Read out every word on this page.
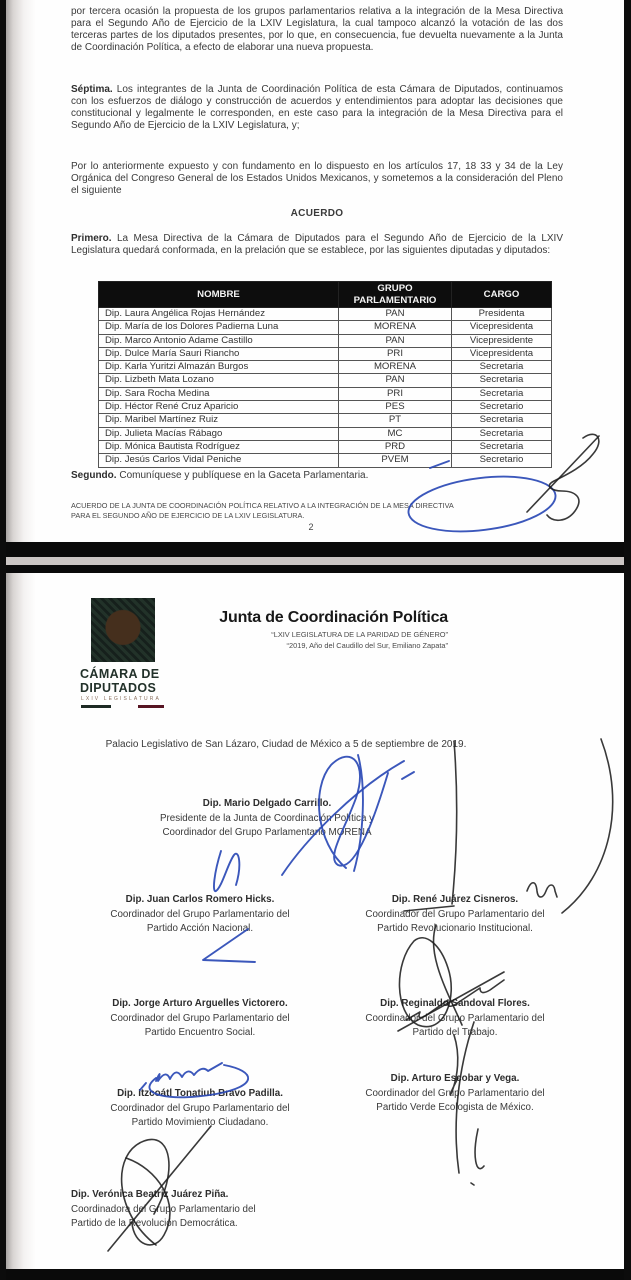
por tercera ocasión la propuesta de los grupos parlamentarios relativa a la integración de la Mesa Directiva para el Segundo Año de Ejercicio de la LXIV Legislatura, la cual tampoco alcanzó la votación de las dos terceras partes de los diputados presentes, por lo que, en consecuencia, fue devuelta nuevamente a la Junta de Coordinación Política, a efecto de elaborar una nueva propuesta.
Séptima. Los integrantes de la Junta de Coordinación Política de esta Cámara de Diputados, continuamos con los esfuerzos de diálogo y construcción de acuerdos y entendimientos para adoptar las decisiones que constitucional y legalmente le corresponden, en este caso para la integración de la Mesa Directiva para el Segundo Año de Ejercicio de la LXIV Legislatura, y;
Por lo anteriormente expuesto y con fundamento en lo dispuesto en los artículos 17, 18 33 y 34 de la Ley Orgánica del Congreso General de los Estados Unidos Mexicanos, y sometemos a la consideración del Pleno el siguiente
ACUERDO
Primero. La Mesa Directiva de la Cámara de Diputados para el Segundo Año de Ejercicio de la LXIV Legislatura quedará conformada, en la prelación que se establece, por las siguientes diputadas y diputados:
NOMBRE	GRUPO PARLAMENTARIO	CARGO
Dip. Laura Angélica Rojas Hernández	PAN	Presidenta
Dip. María de los Dolores Padierna Luna	MORENA	Vicepresidenta
Dip. Marco Antonio Adame Castillo	PAN	Vicepresidente
Dip. Dulce María Sauri Riancho	PRI	Vicepresidenta
Dip. Karla Yuritzi Almazán Burgos	MORENA	Secretaria
Dip. Lizbeth Mata Lozano	PAN	Secretaria
Dip. Sara Rocha Medina	PRI	Secretaria
Dip. Héctor René Cruz Aparicio	PES	Secretario
Dip. Maribel Martínez Ruiz	PT	Secretaria
Dip. Julieta Macías Rábago	MC	Secretaria
Dip. Mónica Bautista Rodríguez	PRD	Secretaria
Dip. Jesús Carlos Vidal Peniche	PVEM	Secretario
Segundo. Comuníquese y publíquese en la Gaceta Parlamentaria.
ACUERDO DE LA JUNTA DE COORDINACIÓN POLÍTICA RELATIVO A LA INTEGRACIÓN DE LA MESA DIRECTIVA
PARA EL SEGUNDO AÑO DE EJERCICIO DE LA LXIV LEGISLATURA.
2
CÁMARA DE
DIPUTADOS
LXIV LEGISLATURA
Junta de Coordinación Política
“LXIV LEGISLATURA DE LA PARIDAD DE GÉNERO”
“2019, Año del Caudillo del Sur, Emiliano Zapata”
Palacio Legislativo de San Lázaro, Ciudad de México a 5 de septiembre de 2019.
Dip. Mario Delgado Carrillo.
Presidente de la Junta de Coordinación Política y
Coordinador del Grupo Parlamentario MORENA
Dip. Juan Carlos Romero Hicks.
Coordinador del Grupo Parlamentario del
Partido Acción Nacional.
Dip. René Juárez Cisneros.
Coordinador del Grupo Parlamentario del
Partido Revolucionario Institucional.
Dip. Jorge Arturo Arguelles Victorero.
Coordinador del Grupo Parlamentario del
Partido Encuentro Social.
Dip. Reginaldo Sandoval Flores.
Coordinador del Grupo Parlamentario del
Partido del Trabajo.
Dip. Itzcoátl Tonatiuh Bravo Padilla.
Coordinador del Grupo Parlamentario del
Partido Movimiento Ciudadano.
Dip. Arturo Escobar y Vega.
Coordinador del Grupo Parlamentario del
Partido Verde Ecologista de México.
Dip. Verónica Beatriz Juárez Piña.
Coordinadora del Grupo Parlamentario del
Partido de la Revolución Democrática.
